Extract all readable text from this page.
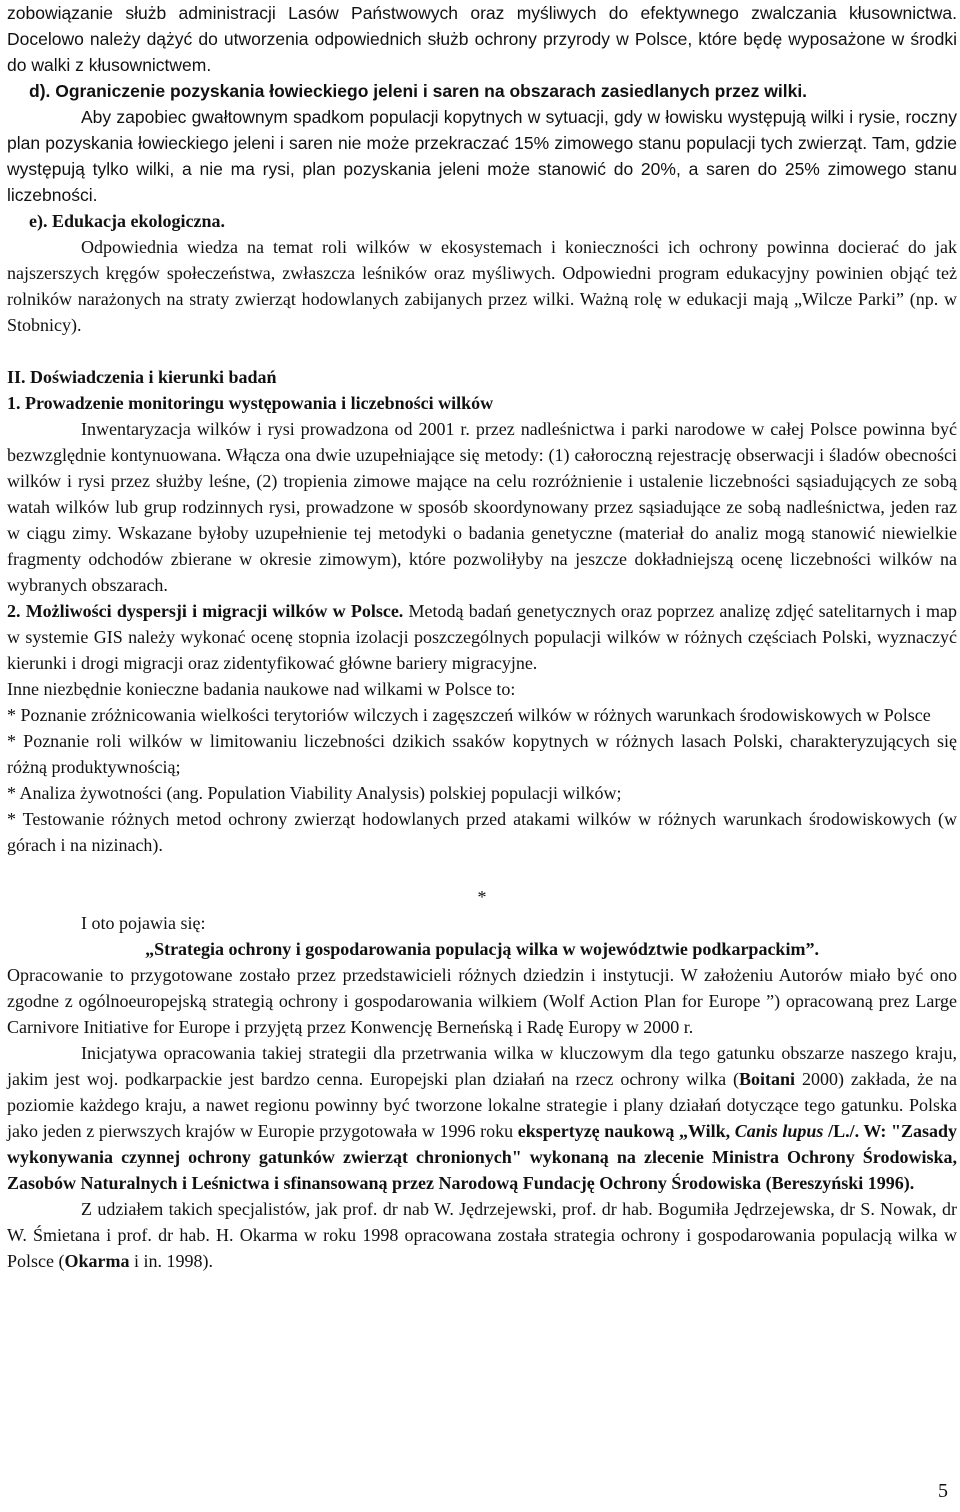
zobowiązanie służb administracji Lasów Państwowych oraz myśliwych do efektywnego zwalczania kłusownictwa. Docelowo należy dążyć do utworzenia odpowiednich służb ochrony przyrody w Polsce, które będę wyposażone w środki do walki z kłusownictwem.

d). Ograniczenie pozyskania łowieckiego jeleni i saren na obszarach zasiedlanych przez wilki.

Aby zapobiec gwałtownym spadkom populacji kopytnych w sytuacji, gdy w łowisku występują wilki i rysie, roczny plan pozyskania łowieckiego jeleni i saren nie może przekraczać 15% zimowego stanu populacji tych zwierząt. Tam, gdzie występują tylko wilki, a nie ma rysi, plan pozyskania jeleni może stanowić do 20%, a saren do 25% zimowego stanu liczebności.

e). Edukacja ekologiczna.

Odpowiednia wiedza na temat roli wilków w ekosystemach i konieczności ich ochrony powinna docierać do jak najszerszych kręgów społeczeństwa, zwłaszcza leśników oraz myśliwych. Odpowiedni program edukacyjny powinien objąć też rolników narażonych na straty zwierząt hodowlanych zabijanych przez wilki. Ważną rolę w edukacji mają „Wilcze Parki” (np. w Stobnicy).

II. Doświadczenia i kierunki badań

1. Prowadzenie monitoringu występowania i liczebności wilków

Inwentaryzacja wilków i rysi prowadzona od 2001 r. przez nadleśnictwa i parki narodowe w całej Polsce powinna być bezwzględnie kontynuowana. Włącza ona dwie uzupełniające się metody: (1) całoroczną rejestrację obserwacji i śladów obecności wilków i rysi przez służby leśne, (2) tropienia zimowe mające na celu rozróżnienie i ustalenie liczebności sąsiadujących ze sobą watah wilków lub grup rodzinnych rysi, prowadzone w sposób skoordynowany przez sąsiadujące ze sobą nadleśnictwa, jeden raz w ciągu zimy. Wskazane byłoby uzupełnienie tej metodyki o badania genetyczne (materiał do analiz mogą stanowić niewielkie fragmenty odchodów zbierane w okresie zimowym), które pozwoliłyby na jeszcze dokładniejszą ocenę liczebności wilków na wybranych obszarach.

2. Możliwości dyspersji i migracji wilków w Polsce. Metodą badań genetycznych oraz poprzez analizę zdjęć satelitarnych i map w systemie GIS należy wykonać ocenę stopnia izolacji poszczególnych populacji wilków w różnych częściach Polski, wyznaczyć kierunki i drogi migracji oraz zidentyfikować główne bariery migracyjne.

Inne niezbędnie konieczne badania naukowe nad wilkami w Polsce to:

* Poznanie zróżnicowania wielkości terytoriów wilczych i zagęszczeń wilków w różnych warunkach środowiskowych w Polsce

* Poznanie roli wilków w limitowaniu liczebności dzikich ssaków kopytnych w różnych lasach Polski, charakteryzujących się różną produktywnością;

* Analiza żywotności (ang. Population Viability Analysis) polskiej populacji wilków;

* Testowanie różnych metod ochrony zwierząt hodowlanych przed atakami wilków w różnych warunkach środowiskowych (w górach i na nizinach).

*

I oto pojawia się:

„Strategia ochrony i gospodarowania populacją wilka w województwie podkarpackim”.

Opracowanie to przygotowane zostało przez przedstawicieli różnych dziedzin i instytucji. W założeniu Autorów miało być ono zgodne z ogólnoeuropejską strategią ochrony i gospodarowania wilkiem (Wolf Action Plan for Europe ”) opracowaną prez Large Carnivore Initiative for Europe i przyjętą przez Konwencję Berneńską i Radę Europy w 2000 r.

Inicjatywa opracowania takiej strategii dla przetrwania wilka w kluczowym dla tego gatunku obszarze naszego kraju, jakim jest woj. podkarpackie jest bardzo cenna. Europejski plan działań na rzecz ochrony wilka (Boitani 2000) zakłada, że na poziomie każdego kraju, a nawet regionu powinny być tworzone lokalne strategie i plany działań dotyczące tego gatunku. Polska jako jeden z pierwszych krajów w Europie przygotowała w 1996 roku ekspertyzę naukową „Wilk, Canis lupus /L./. W: "Zasady wykonywania czynnej ochrony gatunków zwierząt chronionych" wykonaną na zlecenie Ministra Ochrony Środowiska, Zasobów Naturalnych i Leśnictwa i sfinansowaną przez Narodową Fundację Ochrony Środowiska (Bereszyński 1996).

Z udziałem takich specjalistów, jak prof. dr nab W. Jędrzejewski, prof. dr hab. Bogumiła Jędrzejewska, dr S. Nowak, dr W. Śmietana i prof. dr hab. H. Okarma w roku 1998 opracowana została strategia ochrony i gospodarowania populacją wilka w Polsce (Okarma i in. 1998).

5
